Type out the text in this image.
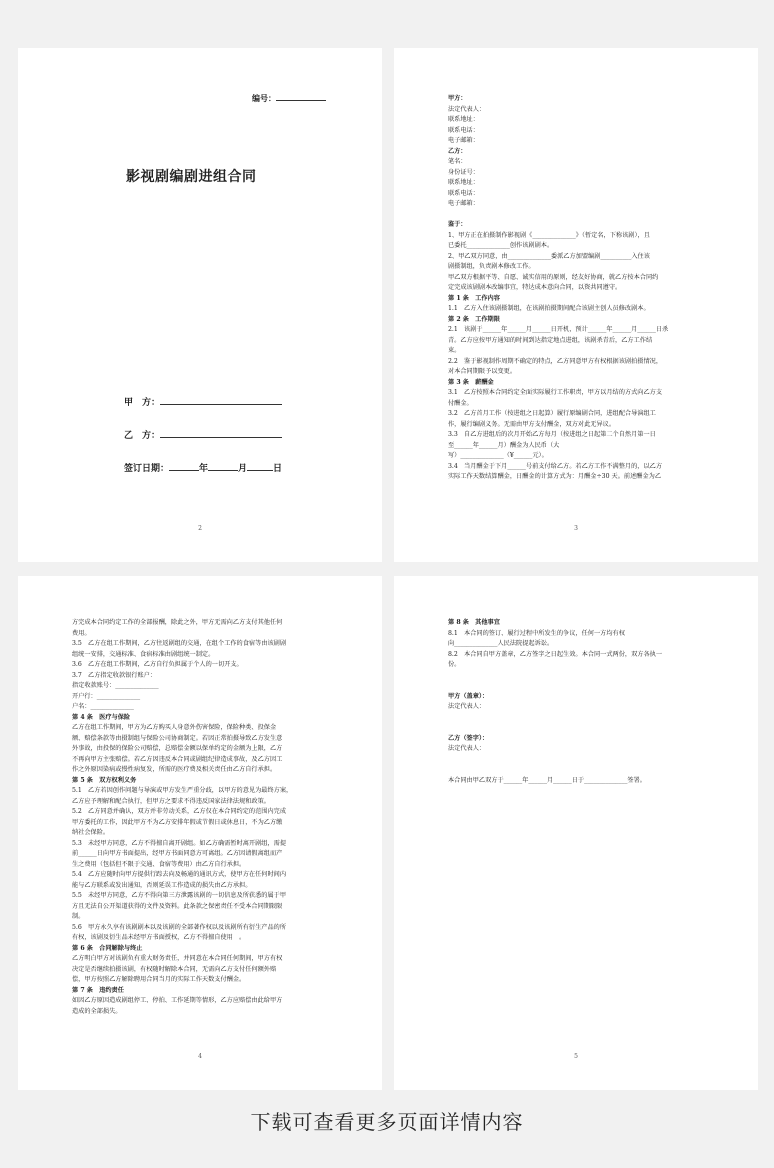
编号：
影视剧编剧进组合同
甲　方：
乙　方：
签订日期：	年	月	日
2

甲方：

法定代表人：

联系地址：

联系电话：

电子邮箱：

乙方：

笔名：

身份证号：

联系地址：

联系电话：

电子邮箱：

鉴于：

1、甲方正在拍摄制作影视剧《______________》（暂定名，下称该剧），且

已委托______________创作该剧剧本。

2、甲乙双方同意，由______________委派乙方加盟编剧__________入住该

剧摄制组，负责剧本修改工作。

甲乙双方根据平等、自愿、诚实信用的原则，经友好协商，就乙方按本合同约

定完成该剧剧本改编事宜，特达成本意向合同，以资共同遵守。

第 1 条　工作内容

1.1　乙方入住该剧摄制组，在该剧拍摄期间配合该剧主创人员修改剧本。

第 2 条　工作期限

2.1　该剧于______年______月______日开机，预计______年______月______日杀

青。乙方应按甲方通知的时间到达指定地点进组，该剧杀青后，乙方工作结

束。

2.2　鉴于影视制作周期不确定的特点，乙方同意甲方有权根据该剧拍摄情况，

对本合同期限予以变更。

第 3 条　薪酬金

3.1　乙方按照本合同约定全面实际履行工作职责，甲方以月结的方式向乙方支

付酬金。

3.2　乙方首月工作（按进组之日起算）履行原编剧合同，进组配合导演组工

作，履行编剧义务。无需由甲方支付酬金，双方对此无异议。

3.3　自乙方进组后的次月开始乙方每月（按进组之日起第二个自然月第一日

至______年______月）酬金为人民币（大

写）______________（¥______元）。

3.4　当月酬金于下月______号前支付给乙方。若乙方工作不满整月的，以乙方

实际工作天数结算酬金，日酬金的计算方式为：月酬金÷30 天。前述酬金为乙

3

方完成本合同约定工作的全部报酬，除此之外，甲方无需向乙方支付其他任何

费用。

3.5　乙方在组工作期间，乙方往返剧组的交通，在组个工作的食宿等由该剧剧

组统一安排，交通标准、食宿标准由剧组统一制定。

3.6　乙方在组工作期间，乙方自行负担属于个人的一切开支。

3.7　乙方指定收款银行账户：

指定收款账号：______________

开户行：______________

户名：______________

第 4 条　医疗与保险

乙方在组工作期间，甲方为乙方购买人身意外伤害保险，保险种类、投保金

额、赔偿条款等由摄制组与保险公司协商制定。若因正常拍摄导致乙方发生意

外事故，由投保的保险公司赔偿，总赔偿金额以保单约定的金额为上限，乙方

不再向甲方主张赔偿。若乙方因违反本合同或剧组纪律造成事故，及乙方因工

作之外原因染病或慢性病复发，所需的医疗费及相关责任由乙方自行承担。

第 5 条　双方权利义务

5.1　乙方若因创作问题与导演或甲方发生严重分歧，以甲方的意见为最终方案，

乙方应予理解和配合执行，但甲方之要求不得违反国家法律法规和政策。

5.2　乙方同意并确认，双方并非劳动关系，乙方仅在本合同约定的范围内完成

甲方委托的工作，因此甲方不为乙方安排年假或节假日或休息日，不为乙方缴

纳社会保险。

5.3　未经甲方同意，乙方不得擅自离开剧组。如乙方确需暂时离开剧组，需提

前______日向甲方书面提出，经甲方书面同意方可离组。乙方因请假离组而产

生之费用（包括但不限于交通、食宿等费用）由乙方自行承担。

5.4　乙方应随时向甲方提供行踪去向及畅通的通讯方式，使甲方在任何时间内

能与乙方联系或发出通知，否则延误工作造成的损失由乙方承担。

5.5　未经甲方同意，乙方不得向第三方泄露该剧的一切信息及所获悉的属于甲

方且无法自公开渠道获得的文件及资料。此条款之保密责任不受本合同期限限

制。

5.6　甲方永久享有该剧剧本以及该剧的全部著作权以及该剧所有衍生产品的所

有权，该剧及衍生品未经甲方书面授权，乙方不得擅自使用　。

第 6 条　合同解除与终止

乙方明白甲方对该剧负有重大财务责任，并同意在本合同任何期间，甲方有权

决定是否继续拍摄该剧，有权随时解除本合同，无需向乙方支付任何额外赔

偿，甲方按照乙方解除聘用合同当月的实际工作天数支付酬金。

第 7 条　违约责任

如因乙方原因造成剧组停工、停拍、工作延期等情形，乙方应赔偿由此给甲方

造成的全部损失。

4

第 8 条　其他事宜

8.1　本合同的签订、履行过程中所发生的争议，任何一方均有权

向______________人民法院提起诉讼。

8.2　本合同自甲方盖章，乙方签字之日起生效。本合同一式两份，双方各执一

份。

甲方（盖章）：

法定代表人：

乙方（签字）：

法定代表人：

本合同由甲乙双方于______年______月______日于______________签署。

5
下载可查看更多页面详情内容
